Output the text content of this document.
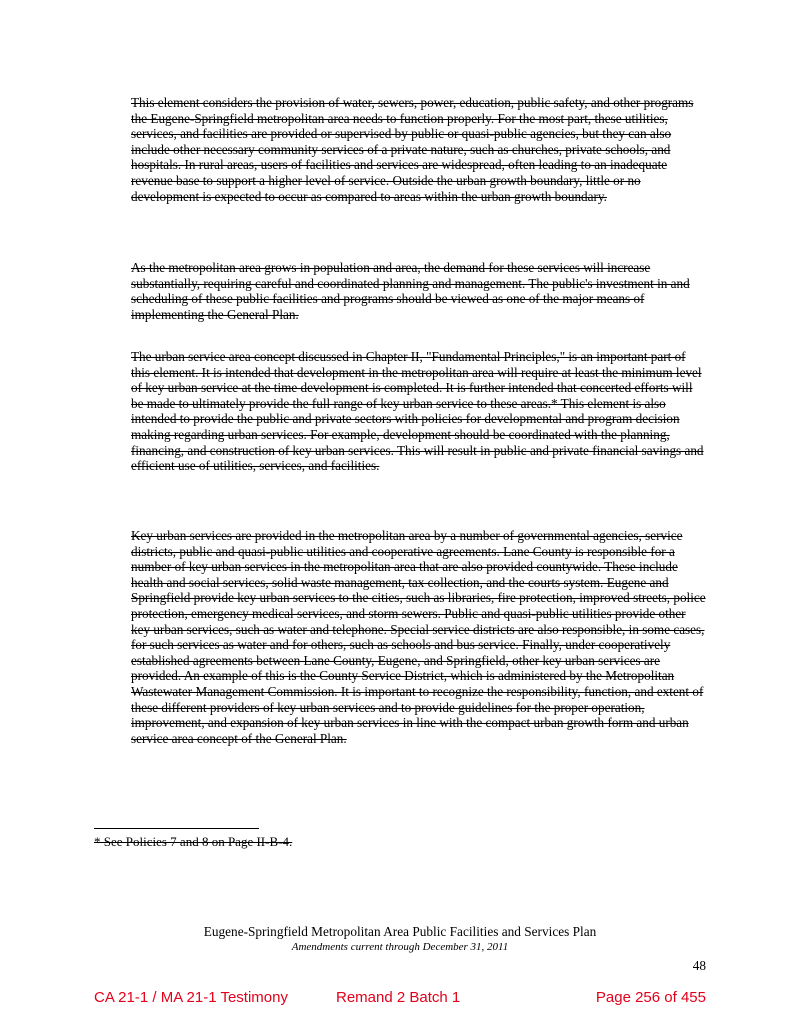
This element considers the provision of water, sewers, power, education, public safety, and other programs the Eugene-Springfield metropolitan area needs to function properly. For the most part, these utilities, services, and facilities are provided or supervised by public or quasi-public agencies, but they can also include other necessary community services of a private nature, such as churches, private schools, and hospitals. In rural areas, users of facilities and services are widespread, often leading to an inadequate revenue base to support a higher level of service. Outside the urban growth boundary, little or no development is expected to occur as compared to areas within the urban growth boundary.

As the metropolitan area grows in population and area, the demand for these services will increase substantially, requiring careful and coordinated planning and management. The public's investment in and scheduling of these public facilities and programs should be viewed as one of the major means of implementing the General Plan.

The urban service area concept discussed in Chapter II, "Fundamental Principles," is an important part of this element. It is intended that development in the metropolitan area will require at least the minimum level of key urban service at the time development is completed. It is further intended that concerted efforts will be made to ultimately provide the full range of key urban service to these areas.* This element is also intended to provide the public and private sectors with policies for developmental and program decision making regarding urban services. For example, development should be coordinated with the planning, financing, and construction of key urban services. This will result in public and private financial savings and efficient use of utilities, services, and facilities.

Key urban services are provided in the metropolitan area by a number of governmental agencies, service districts, public and quasi-public utilities and cooperative agreements. Lane County is responsible for a number of key urban services in the metropolitan area that are also provided countywide. These include health and social services, solid waste management, tax collection, and the courts system. Eugene and Springfield provide key urban services to the cities, such as libraries, fire protection, improved streets, police protection, emergency medical services, and storm sewers. Public and quasi-public utilities provide other key urban services, such as water and telephone. Special service districts are also responsible, in some cases, for such services as water and for others, such as schools and bus service. Finally, under cooperatively established agreements between Lane County, Eugene, and Springfield, other key urban services are provided. An example of this is the County Service District, which is administered by the Metropolitan Wastewater Management Commission. It is important to recognize the responsibility, function, and extent of these different providers of key urban services and to provide guidelines for the proper operation, improvement, and expansion of key urban services in line with the compact urban growth form and urban service area concept of the General Plan.

* See Policies 7 and 8 on Page II-B-4.
Eugene-Springfield Metropolitan Area Public Facilities and Services Plan
Amendments current through December 31, 2011
48
CA 21-1 / MA 21-1 Testimony	Remand 2 Batch 1	Page 256 of 455
